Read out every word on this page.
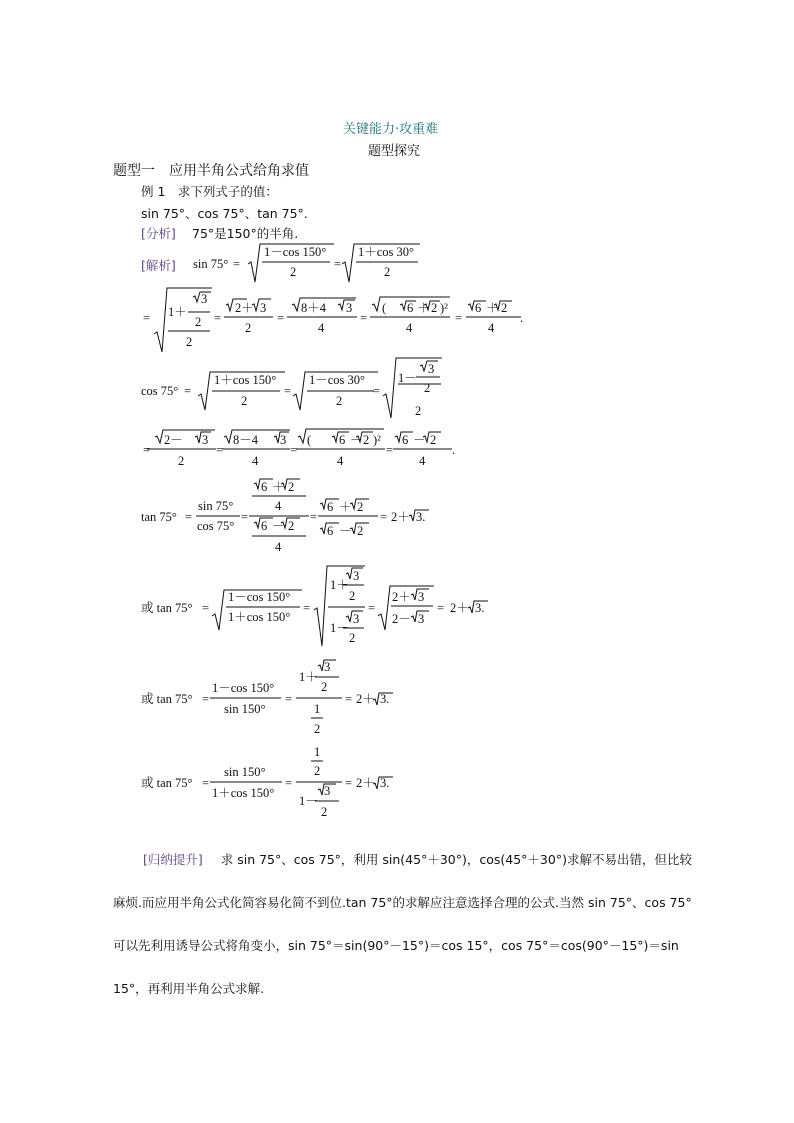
关键能力·攻重难
题型探究
题型一　应用半角公式给角求值
例 1　求下列式子的值：
sin 75°、cos 75°、tan 75°.
[分析] 75°是150°的半角.
[解析] sin 75° =
1－cos 150°
2
=
1＋cos 30°
2
= 1＋
3
2
2
=
2＋ 3
2
=
8＋4 3
4
=
( 6 ＋ 2 )²
4
=
6 ＋ 2
4
.
cos 75° =
1＋cos 150°
2
=
1－cos 30°
2
=
1－
3
2
2
=
2－ 3
2
=
8－4 3
4
=
( 6 － 2 )²
4
=
6 － 2
4
.
tan 75° =
sin 75°
cos 75°
=
6 ＋ 2
4
6 － 2
4
=
6 ＋ 2
6 － 2
= 2＋ 3.
或 tan 75° =
1－cos 150°
1＋cos 150°
=
1＋
3
2
1－
3
2
=
2＋ 3
2－ 3
= 2＋ 3.
或 tan 75° =
1－cos 150°
sin 150°
=
1＋
3
2
1
2
= 2＋ 3.
或 tan 75° =
sin 150°
1＋cos 150°
=
1
2
1－
3
2
= 2＋ 3.
[归纳提升] 求 sin 75°、cos 75°，利用 sin(45°＋30°)，cos(45°＋30°)求解不易出错，但比较麻烦.而应用半角公式化简容易化简不到位.tan 75°的求解应注意选择合理的公式.当然 sin 75°、cos 75°可以先利用诱导公式将角变小，sin 75°＝sin(90°－15°)＝cos 15°，cos 75°＝cos(90°－15°)＝sin 15°，再利用半角公式求解.
